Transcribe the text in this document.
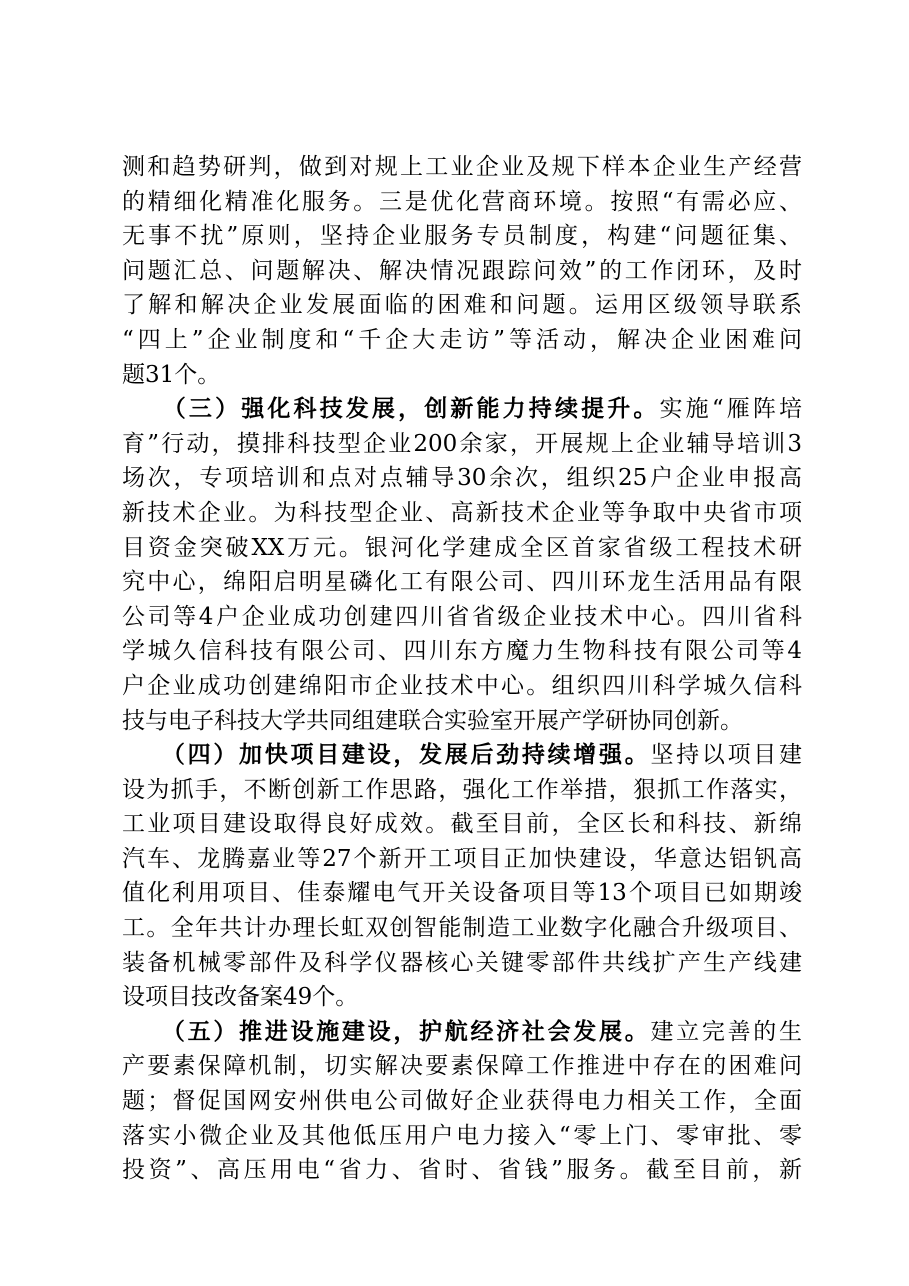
测和趋势研判，做到对规上工业企业及规下样本企业生产经营
的精细化精准化服务。三是优化营商环境。按照“有需必应、
无事不扰”原则，坚持企业服务专员制度，构建“问题征集、
问题汇总、问题解决、解决情况跟踪问效”的工作闭环，及时
了解和解决企业发展面临的困难和问题。运用区级领导联系
“四上”企业制度和“千企大走访”等活动，解决企业困难问
题31个。
　　（三）强化科技发展，创新能力持续提升。实施“雁阵培
育”行动，摸排科技型企业200余家，开展规上企业辅导培训3
场次，专项培训和点对点辅导30余次，组织25户企业申报高
新技术企业。为科技型企业、高新技术企业等争取中央省市项
目资金突破XX万元。银河化学建成全区首家省级工程技术研
究中心，绵阳启明星磷化工有限公司、四川环龙生活用品有限
公司等4户企业成功创建四川省省级企业技术中心。四川省科
学城久信科技有限公司、四川东方魔力生物科技有限公司等4
户企业成功创建绵阳市企业技术中心。组织四川科学城久信科
技与电子科技大学共同组建联合实验室开展产学研协同创新。
　　（四）加快项目建设，发展后劲持续增强。坚持以项目建
设为抓手，不断创新工作思路，强化工作举措，狠抓工作落实，
工业项目建设取得良好成效。截至目前，全区长和科技、新绵
汽车、龙腾嘉业等27个新开工项目正加快建设，华意达铝钒高
值化利用项目、佳泰耀电气开关设备项目等13个项目已如期竣
工。全年共计办理长虹双创智能制造工业数字化融合升级项目、
装备机械零部件及科学仪器核心关键零部件共线扩产生产线建
设项目技改备案49个。
　　（五）推进设施建设，护航经济社会发展。建立完善的生
产要素保障机制，切实解决要素保障工作推进中存在的困难问
题；督促国网安州供电公司做好企业获得电力相关工作，全面
落实小微企业及其他低压用户电力接入“零上门、零审批、零
投资”、高压用电“省力、省时、省钱”服务。截至目前，新
